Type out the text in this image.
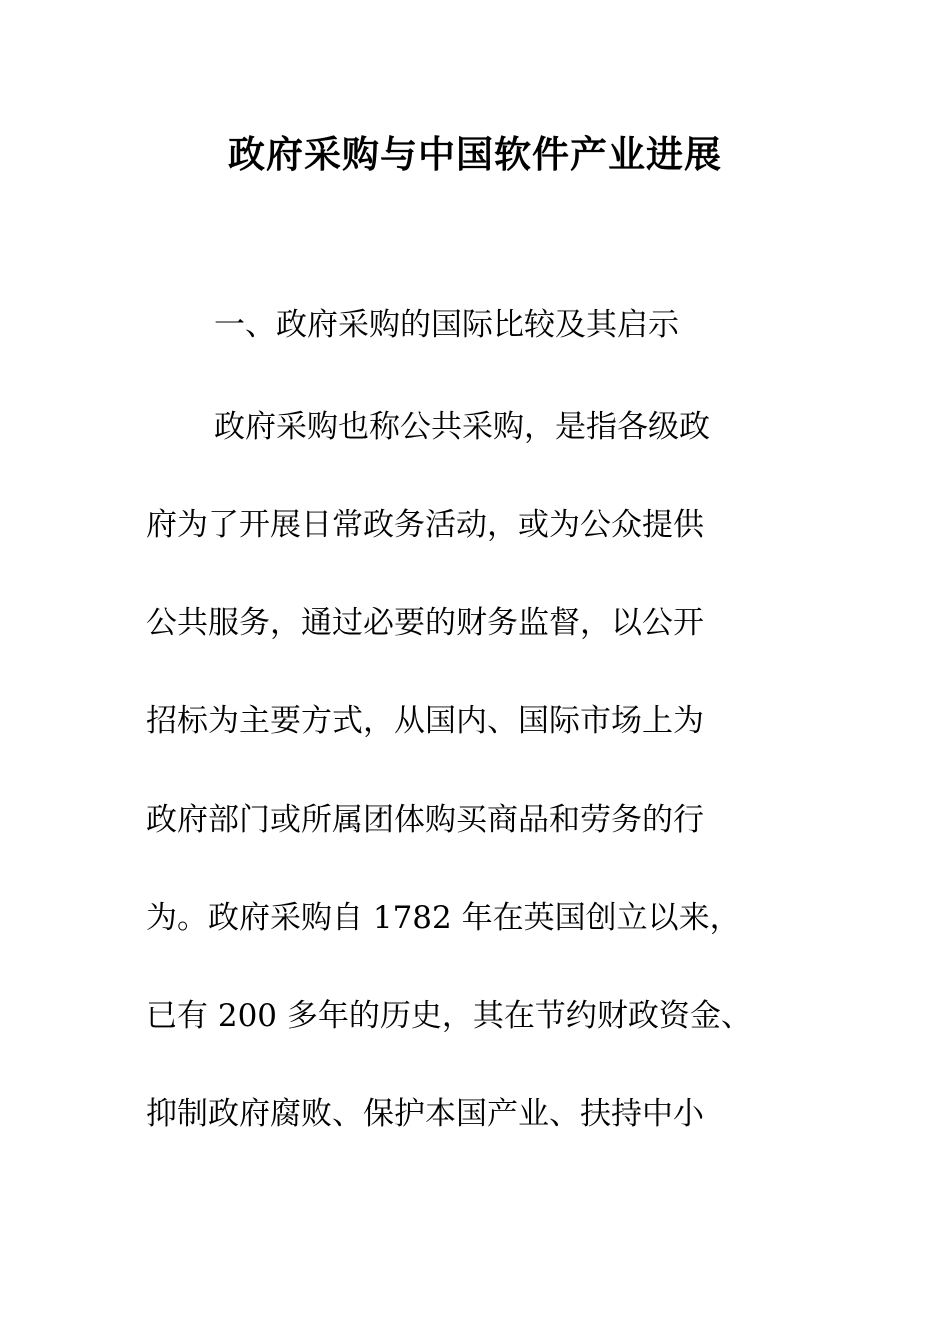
政府采购与中国软件产业进展
一、政府采购的国际比较及其启示
政府采购也称公共采购，是指各级政
府为了开展日常政务活动，或为公众提供
公共服务，通过必要的财务监督，以公开
招标为主要方式，从国内、国际市场上为
政府部门或所属团体购买商品和劳务的行
为。政府采购自 1782 年在英国创立以来，
已有 200 多年的历史，其在节约财政资金、
抑制政府腐败、保护本国产业、扶持中小
